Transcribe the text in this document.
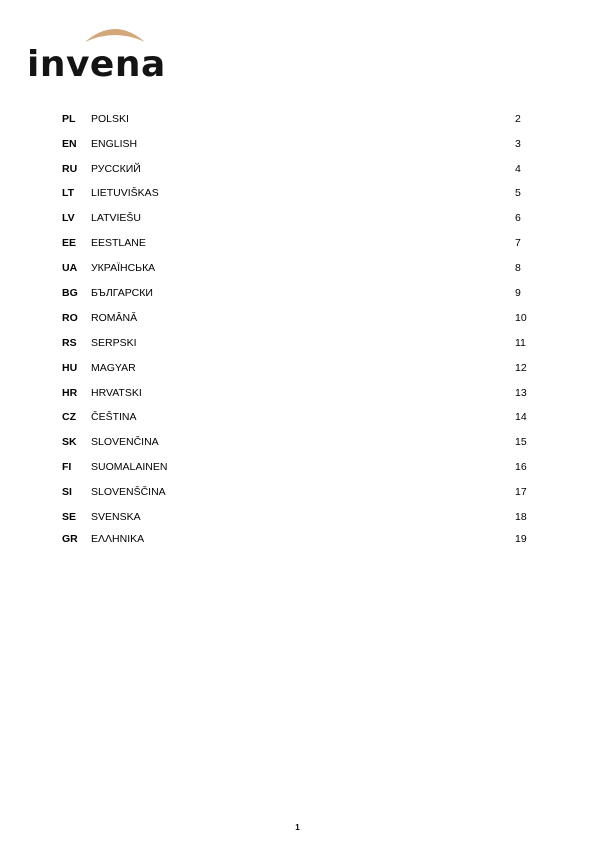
invena
PL POLSKI	2
EN ENGLISH	3
RU РУССКИЙ	4
LT LIETUVIŠKAS	5
LV LATVIEŠU	6
EE EESTLANE	7
UA УКРАЇНСЬКА	8
BG БЪЛГАРСКИ	9
RO ROMÂNĂ	10
RS SERPSKI	11
HU MAGYAR	12
HR HRVATSKI	13
CZ ČEŠTINA	14
SK SLOVENČINA	15
FI SUOMALAINEN	16
SI SLOVENŠČINA	17
SE SVENSKA	18
GR ΕΛΛΗΝΙΚΑ	19
1
